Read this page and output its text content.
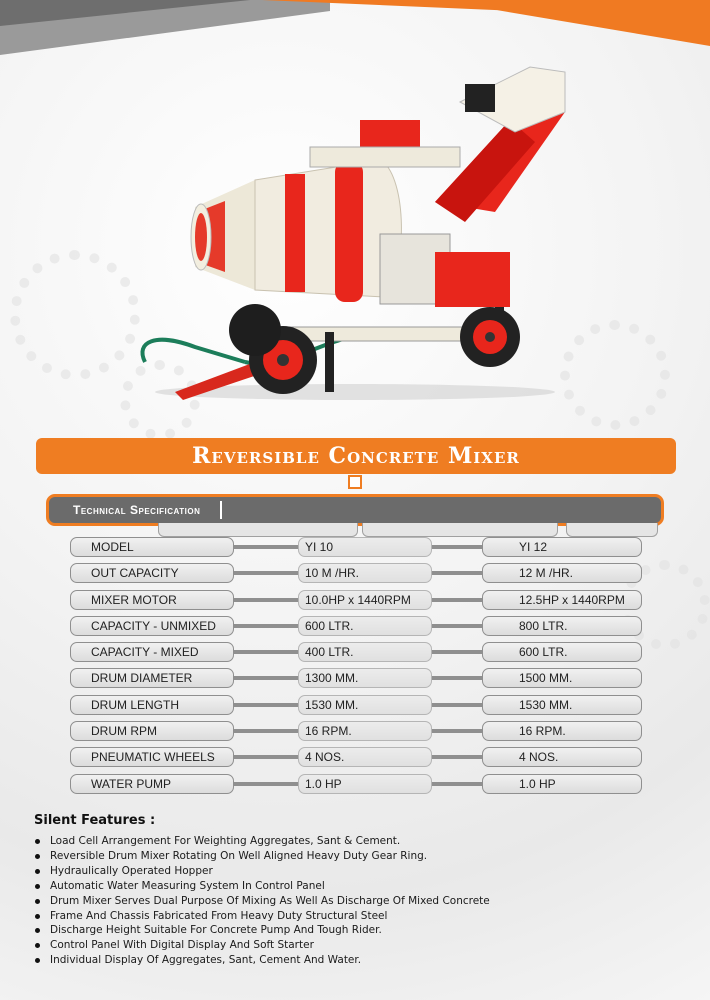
Reversible Concrete Mixer
Technical Specification
MODEL	YI 10	YI 12
OUT CAPACITY	10 M /HR.	12 M /HR.
MIXER MOTOR	10.0HP x 1440RPM	12.5HP x 1440RPM
CAPACITY - UNMIXED	600 LTR.	800 LTR.
CAPACITY - MIXED	400 LTR.	600 LTR.
DRUM DIAMETER	1300 MM.	1500 MM.
DRUM LENGTH	1530 MM.	1530 MM.
DRUM RPM	16 RPM.	16 RPM.
PNEUMATIC WHEELS	4 NOS.	4 NOS.
WATER PUMP	1.0 HP	1.0 HP
Silent Features :
Load Cell Arrangement For Weighting Aggregates, Sant & Cement.
Reversible Drum Mixer Rotating On Well Aligned Heavy Duty Gear Ring.
Hydraulically Operated Hopper
Automatic Water Measuring System In Control Panel
Drum Mixer Serves Dual Purpose Of Mixing As Well As Discharge Of Mixed Concrete
Frame And Chassis Fabricated From Heavy Duty Structural Steel
Discharge Height Suitable For Concrete Pump And Tough Rider.
Control Panel With Digital Display And Soft Starter
Individual Display Of Aggregates, Sant, Cement And Water.
